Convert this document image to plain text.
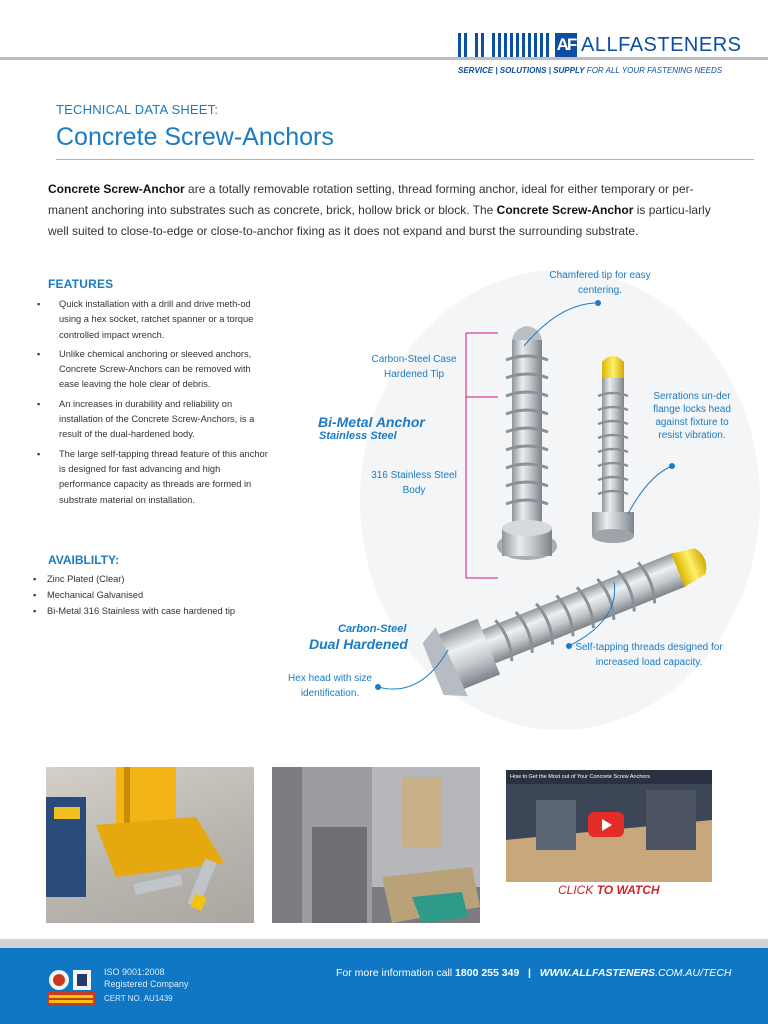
AF ALLFASTENERS
SERVICE | SOLUTIONS | SUPPLY FOR ALL YOUR FASTENING NEEDS
TECHNICAL DATA SHEET:
Concrete Screw-Anchors

Concrete Screw-Anchor are a totally removable rotation setting, thread forming anchor, ideal for either temporary or per-manent anchoring into substrates such as concrete, brick, hollow brick or block. The Concrete Screw-Anchor is particu-larly well suited to close-to-edge or close-to-anchor fixing as it does not expand and burst the surrounding substrate.

FEATURES
▪ Quick installation with a drill and drive meth-od using a hex socket, ratchet spanner or a torque controlled impact wrench.
▪ Unlike chemical anchoring or sleeved anchors, Concrete Screw-Anchors can be removed with ease leaving the hole clear of debris.
▪ An increases in durability and reliability on installation of the Concrete Screw-Anchors, is a result of the dual-hardened body.
▪ The large self-tapping thread feature of this anchor is designed for fast advancing and high performance capacity as threads are formed in substrate material on installation.
AVAIBLILTY:
▪ Zinc Plated (Clear)
▪ Mechanical Galvanised
▪ Bi-Metal 316 Stainless with case hardened tip
Chamfered tip for easy centering.
Carbon-Steel Case Hardened Tip
Bi-Metal Anchor
Stainless Steel
316 Stainless Steel Body
Serrations un-der flange locks head against fixture to resist vibration.
Carbon-Steel
Dual Hardened	Self-tapping threads designed for increased load capacity.
Hex head with size identification.
How to Get the Most out of Your Concrete Screw Anchors
CLICK TO WATCH
ISO 9001:2008
Registered Company
CERT NO. AU1439
For more information call 1800 255 349 | WWW.ALLFASTENERS.COM.AU/TECH
